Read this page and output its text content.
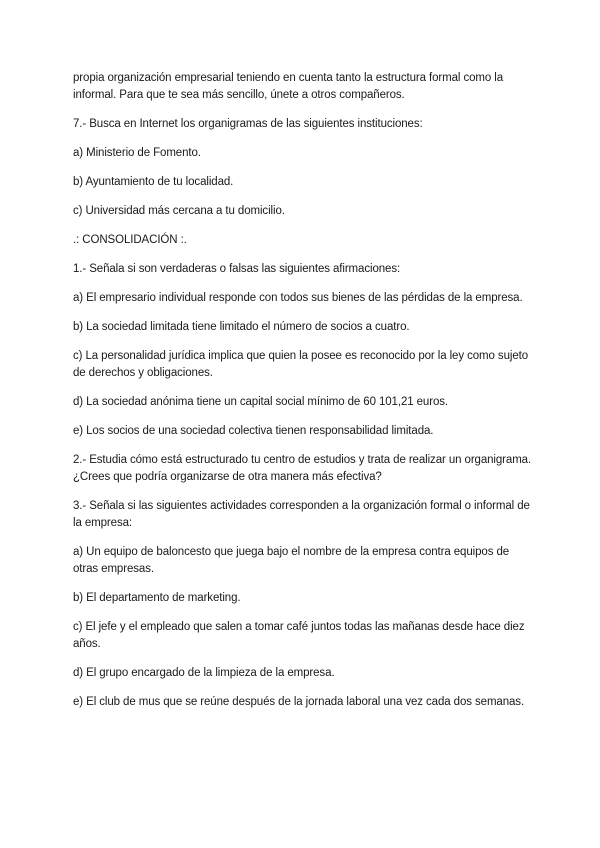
propia organización empresarial teniendo en cuenta tanto la estructura formal como la informal. Para que te sea más sencillo, únete a otros compañeros.

7.- Busca en Internet los organigramas de las siguientes instituciones:

a) Ministerio de Fomento.

b) Ayuntamiento de tu localidad.

c) Universidad más cercana a tu domicilio.

.: CONSOLIDACIÓN :.

1.- Señala si son verdaderas o falsas las siguientes afirmaciones:

a) El empresario individual responde con todos sus bienes de las pérdidas de la empresa.

b) La sociedad limitada tiene limitado el número de socios a cuatro.

c) La personalidad jurídica implica que quien la posee es reconocido por la ley como sujeto de derechos y obligaciones.

d) La sociedad anónima tiene un capital social mínimo de 60 101,21 euros.

e) Los socios de una sociedad colectiva tienen responsabilidad limitada.

2.- Estudia cómo está estructurado tu centro de estudios y trata de realizar un organigrama. ¿Crees que podría organizarse de otra manera más efectiva?

3.- Señala si las siguientes actividades corresponden a la organización formal o informal de la empresa:

a) Un equipo de baloncesto que juega bajo el nombre de la empresa contra equipos de otras empresas.

b) El departamento de marketing.

c) El jefe y el empleado que salen a tomar café juntos todas las mañanas desde hace diez años.

d) El grupo encargado de la limpieza de la empresa.

e) El club de mus que se reúne después de la jornada laboral una vez cada dos semanas.
